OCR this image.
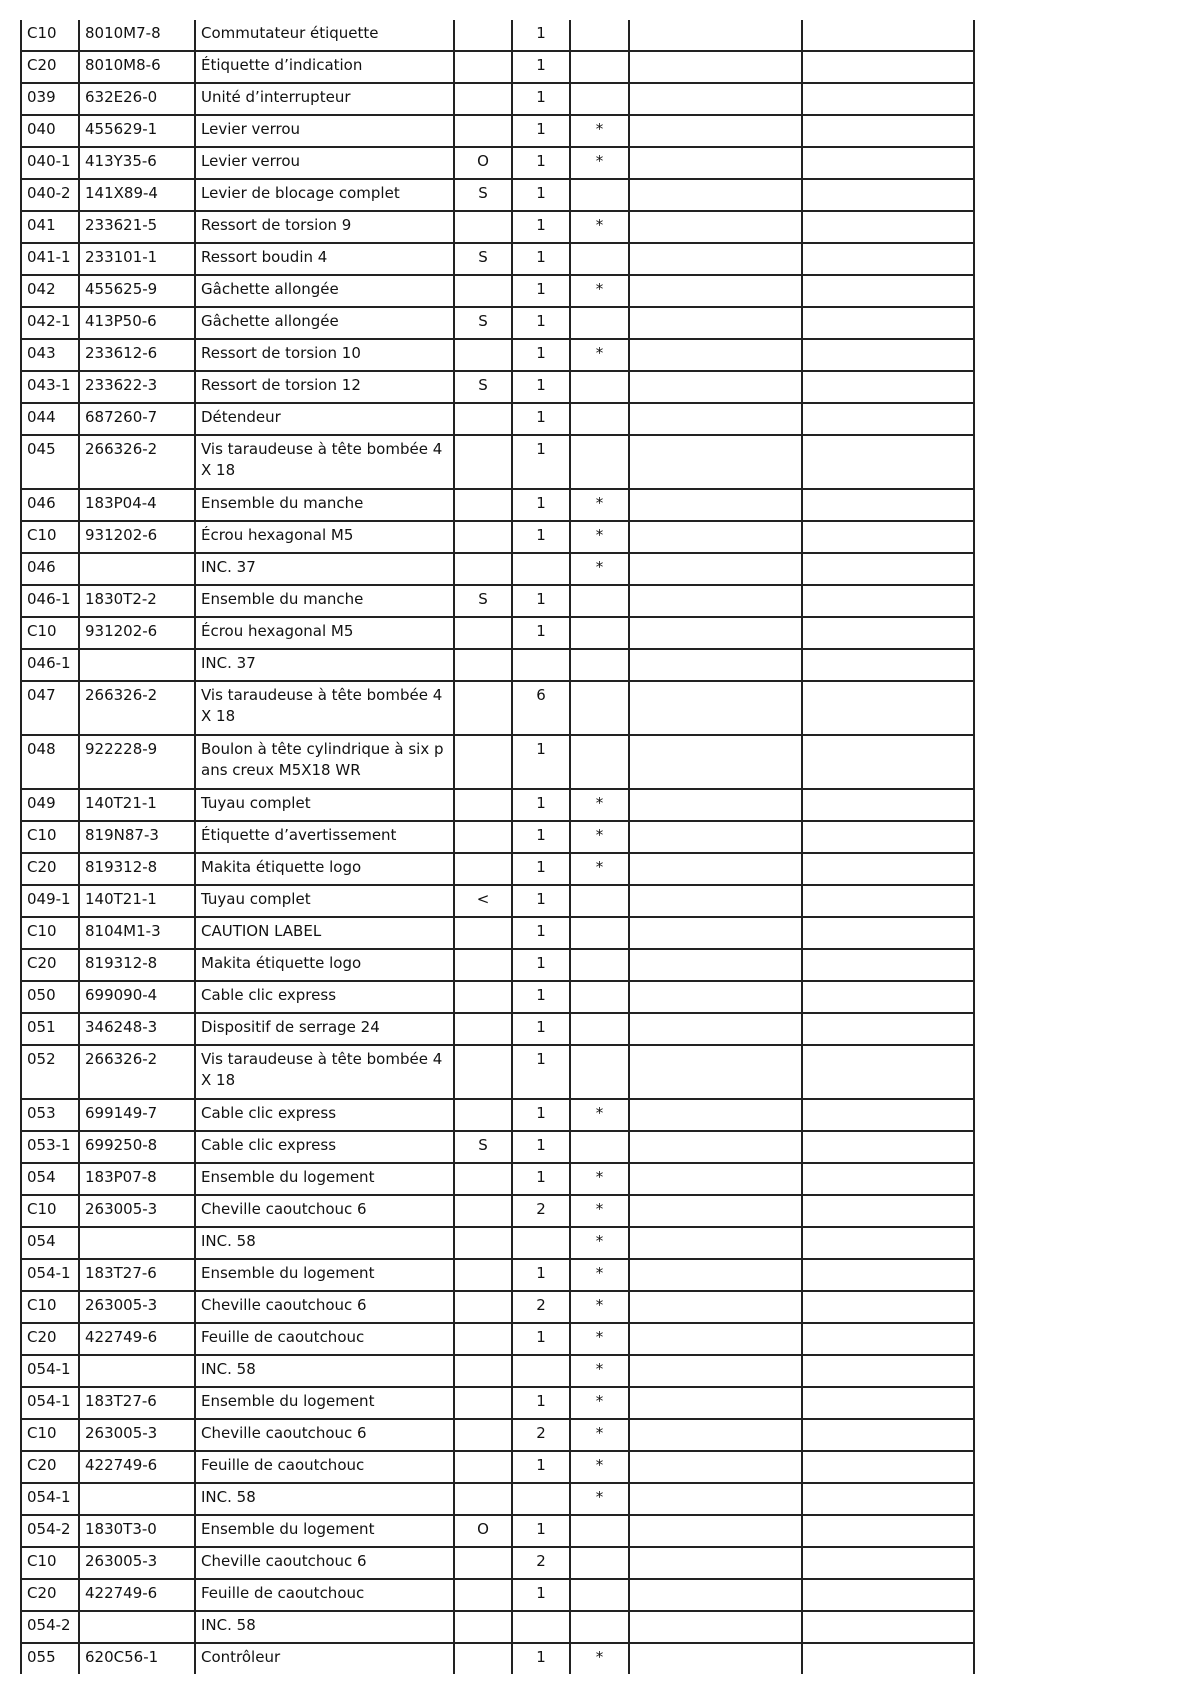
C10	8010M7-8	Commutateur étiquette		1			
C20	8010M8-6	Étiquette d’indication		1			
039	632E26-0	Unité d’interrupteur		1			
040	455629-1	Levier verrou		1	*		
040-1	413Y35-6	Levier verrou	O	1	*		
040-2	141X89-4	Levier de blocage complet	S	1			
041	233621-5	Ressort de torsion 9		1	*		
041-1	233101-1	Ressort boudin 4	S	1			
042	455625-9	Gâchette allongée		1	*		
042-1	413P50-6	Gâchette allongée	S	1			
043	233612-6	Ressort de torsion 10		1	*		
043-1	233622-3	Ressort de torsion 12	S	1			
044	687260-7	Détendeur		1			
045	266326-2	Vis taraudeuse à tête bombée 4X 18		1			
046	183P04-4	Ensemble du manche		1	*		
C10	931202-6	Écrou hexagonal M5		1	*		
046		INC. 37			*		
046-1	1830T2-2	Ensemble du manche	S	1			
C10	931202-6	Écrou hexagonal M5		1			
046-1		INC. 37					
047	266326-2	Vis taraudeuse à tête bombée 4X 18		6			
048	922228-9	Boulon à tête cylindrique à six pans creux M5X18 WR		1			
049	140T21-1	Tuyau complet		1	*		
C10	819N87-3	Étiquette d’avertissement		1	*		
C20	819312-8	Makita étiquette logo		1	*		
049-1	140T21-1	Tuyau complet	<	1			
C10	8104M1-3	CAUTION LABEL		1			
C20	819312-8	Makita étiquette logo		1			
050	699090-4	Cable clic express		1			
051	346248-3	Dispositif de serrage 24		1			
052	266326-2	Vis taraudeuse à tête bombée 4X 18		1			
053	699149-7	Cable clic express		1	*		
053-1	699250-8	Cable clic express	S	1			
054	183P07-8	Ensemble du logement		1	*		
C10	263005-3	Cheville caoutchouc 6		2	*		
054		INC. 58			*		
054-1	183T27-6	Ensemble du logement		1	*		
C10	263005-3	Cheville caoutchouc 6		2	*		
C20	422749-6	Feuille de caoutchouc		1	*		
054-1		INC. 58			*		
054-1	183T27-6	Ensemble du logement		1	*		
C10	263005-3	Cheville caoutchouc 6		2	*		
C20	422749-6	Feuille de caoutchouc		1	*		
054-1		INC. 58			*		
054-2	1830T3-0	Ensemble du logement	O	1			
C10	263005-3	Cheville caoutchouc 6		2			
C20	422749-6	Feuille de caoutchouc		1			
054-2		INC. 58					
055	620C56-1	Contrôleur		1	*		
